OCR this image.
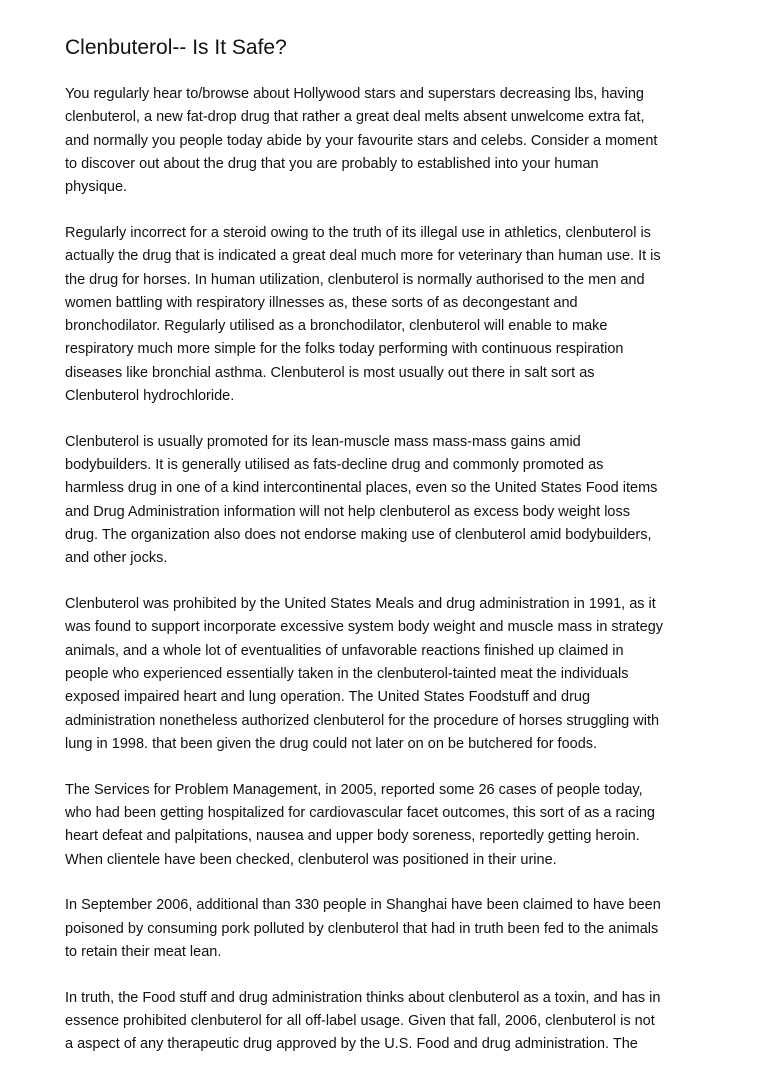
Clenbuterol-- Is It Safe?

You regularly hear to/browse about Hollywood stars and superstars decreasing lbs, having
clenbuterol, a new fat-drop drug that rather a great deal melts absent unwelcome extra fat,
and normally you people today abide by your favourite stars and celebs. Consider a moment
to discover out about the drug that you are probably to established into your human
physique.

Regularly incorrect for a steroid owing to the truth of its illegal use in athletics, clenbuterol is
actually the drug that is indicated a great deal much more for veterinary than human use. It is
the drug for horses. In human utilization, clenbuterol is normally authorised to the men and
women battling with respiratory illnesses as, these sorts of as decongestant and
bronchodilator. Regularly utilised as a bronchodilator, clenbuterol will enable to make
respiratory much more simple for the folks today performing with continuous respiration
diseases like bronchial asthma. Clenbuterol is most usually out there in salt sort as
Clenbuterol hydrochloride.

Clenbuterol is usually promoted for its lean-muscle mass mass-mass gains amid
bodybuilders. It is generally utilised as fats-decline drug and commonly promoted as
harmless drug in one of a kind intercontinental places, even so the United States Food items
and Drug Administration information will not help clenbuterol as excess body weight loss
drug. The organization also does not endorse making use of clenbuterol amid bodybuilders,
and other jocks.

Clenbuterol was prohibited by the United States Meals and drug administration in 1991, as it
was found to support incorporate excessive system body weight and muscle mass in strategy
animals, and a whole lot of eventualities of unfavorable reactions finished up claimed in
people who experienced essentially taken in the clenbuterol-tainted meat the individuals
exposed impaired heart and lung operation. The United States Foodstuff and drug
administration nonetheless authorized clenbuterol for the procedure of horses struggling with
lung in 1998. that been given the drug could not later on on be butchered for foods.

The Services for Problem Management, in 2005, reported some 26 cases of people today,
who had been getting hospitalized for cardiovascular facet outcomes, this sort of as a racing
heart defeat and palpitations, nausea and upper body soreness, reportedly getting heroin.
When clientele have been checked, clenbuterol was positioned in their urine.

In September 2006, additional than 330 people in Shanghai have been claimed to have been
poisoned by consuming pork polluted by clenbuterol that had in truth been fed to the animals
to retain their meat lean.

In truth, the Food stuff and drug administration thinks about clenbuterol as a toxin, and has in
essence prohibited clenbuterol for all off-label usage. Given that fall, 2006, clenbuterol is not
a aspect of any therapeutic drug approved by the U.S. Food and drug administration. The
